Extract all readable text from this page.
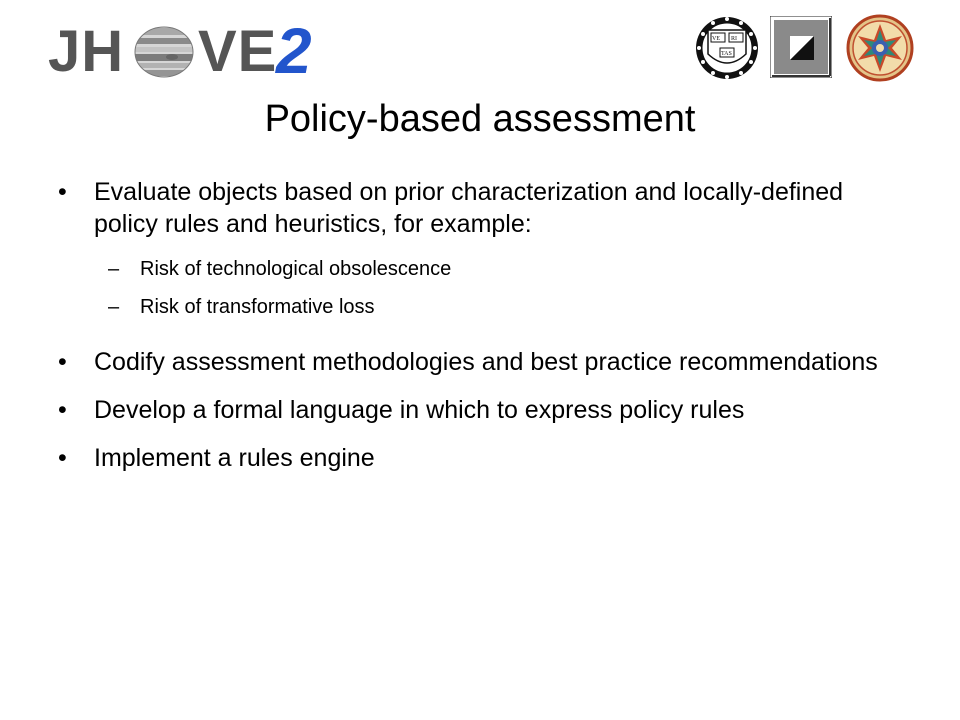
JH VE
2	VE RI
TAS
Policy-based assessment
• Evaluate objects based on prior characterization and locally-defined policy rules and heuristics, for example:
– Risk of technological obsolescence
– Risk of transformative loss
• Codify assessment methodologies and best practice recommendations
• Develop a formal language in which to express policy rules
• Implement a rules engine
